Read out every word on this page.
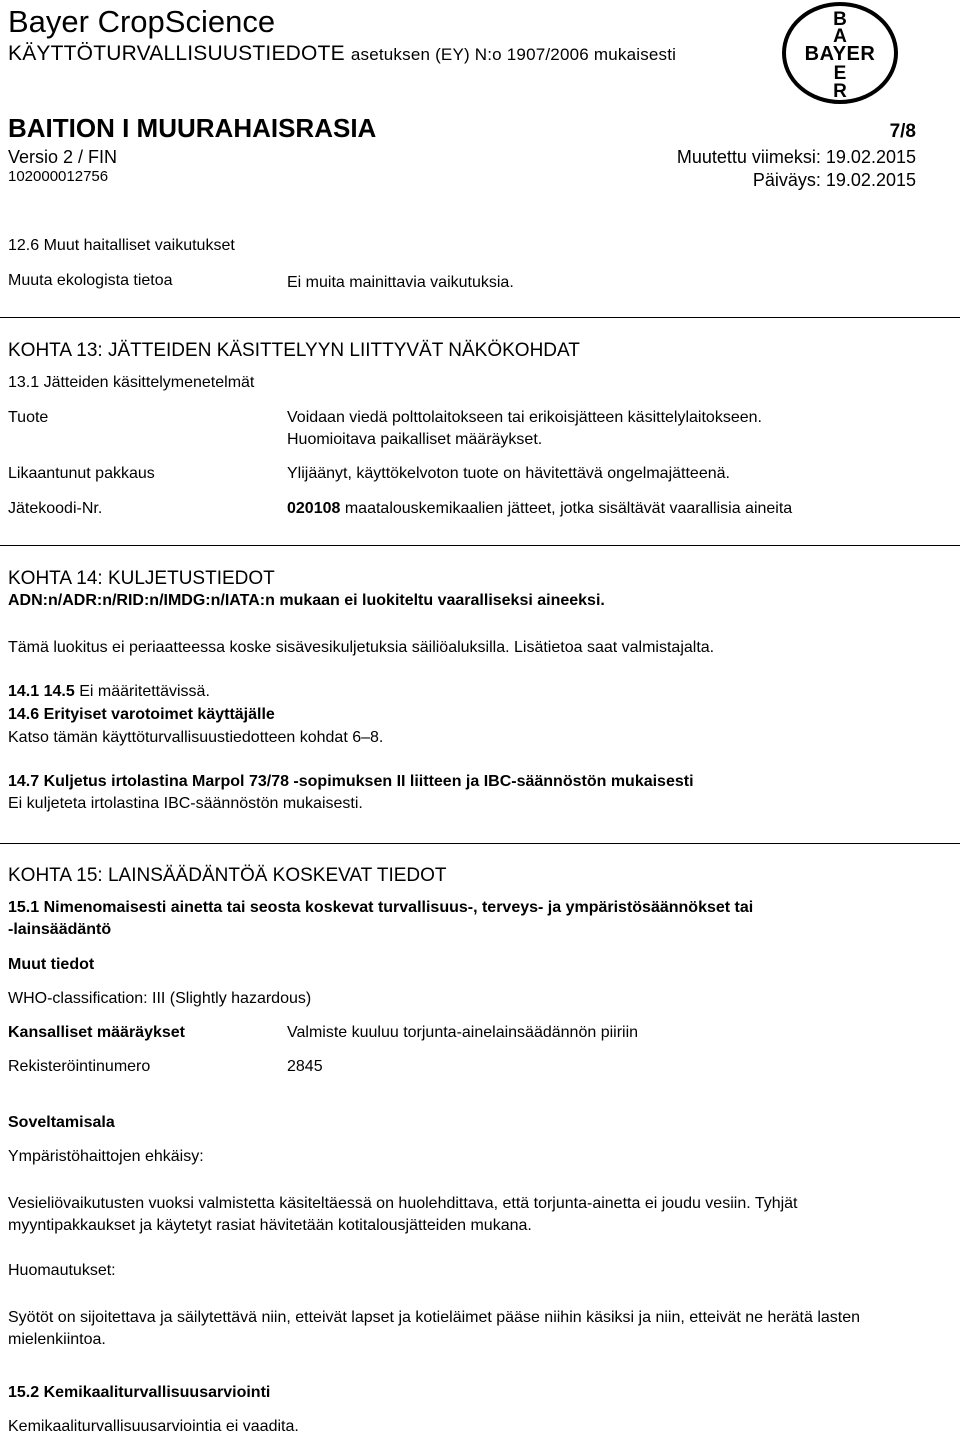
Bayer CropScience
KÄYTTÖTURVALLISUUSTIEDOTE asetuksen (EY) N:o 1907/2006 mukaisesti
BAITION I MUURAHAISRASIA	7/8
Versio 2 / FIN	Muutettu viimeksi: 19.02.2015
102000012756	Päiväys: 19.02.2015
B
A
BAYER
E
R
12.6 Muut haitalliset vaikutukset
Muuta ekologista tietoa	Ei muita mainittavia vaikutuksia.
KOHTA 13: JÄTTEIDEN KÄSITTELYYN LIITTYVÄT NÄKÖKOHDAT
13.1 Jätteiden käsittelymenetelmät
Tuote	Voidaan viedä polttolaitokseen tai erikoisjätteen käsittelylaitokseen.
Huomioitava paikalliset määräykset.
Likaantunut pakkaus	Ylijäänyt, käyttökelvoton tuote on hävitettävä ongelmajätteenä.
Jätekoodi-Nr.	020108 maatalouskemikaalien jätteet, jotka sisältävät vaarallisia aineita
KOHTA 14: KULJETUSTIEDOT
ADN:n/ADR:n/RID:n/IMDG:n/IATA:n mukaan ei luokiteltu vaaralliseksi aineeksi.
Tämä luokitus ei periaatteessa koske sisävesikuljetuksia säiliöaluksilla. Lisätietoa saat valmistajalta.
14.1 14.5 Ei määritettävissä.
14.6 Erityiset varotoimet käyttäjälle
Katso tämän käyttöturvallisuustiedotteen kohdat 6–8.
14.7 Kuljetus irtolastina Marpol 73/78 -sopimuksen II liitteen ja IBC-säännöstön mukaisesti
Ei kuljeteta irtolastina IBC-säännöstön mukaisesti.
KOHTA 15: LAINSÄÄDÄNTÖÄ KOSKEVAT TIEDOT
15.1 Nimenomaisesti ainetta tai seosta koskevat turvallisuus-, terveys- ja ympäristösäännökset tai
-lainsäädäntö
Muut tiedot
WHO-classification: III (Slightly hazardous)
Kansalliset määräykset	Valmiste kuuluu torjunta-ainelainsäädännön piiriin
Rekisteröintinumero	2845
Soveltamisala
Ympäristöhaittojen ehkäisy:
Vesieliövaikutusten vuoksi valmistetta käsiteltäessä on huolehdittava, että torjunta-ainetta ei joudu vesiin. Tyhjät myyntipakkaukset ja käytetyt rasiat hävitetään kotitalousjätteiden mukana.
Huomautukset:
Syötöt on sijoitettava ja säilytettävä niin, etteivät lapset ja kotieläimet pääse niihin käsiksi ja niin, etteivät ne herätä lasten mielenkiintoa.
15.2 Kemikaaliturvallisuusarviointi
Kemikaaliturvallisuusarviointia ei vaadita.
